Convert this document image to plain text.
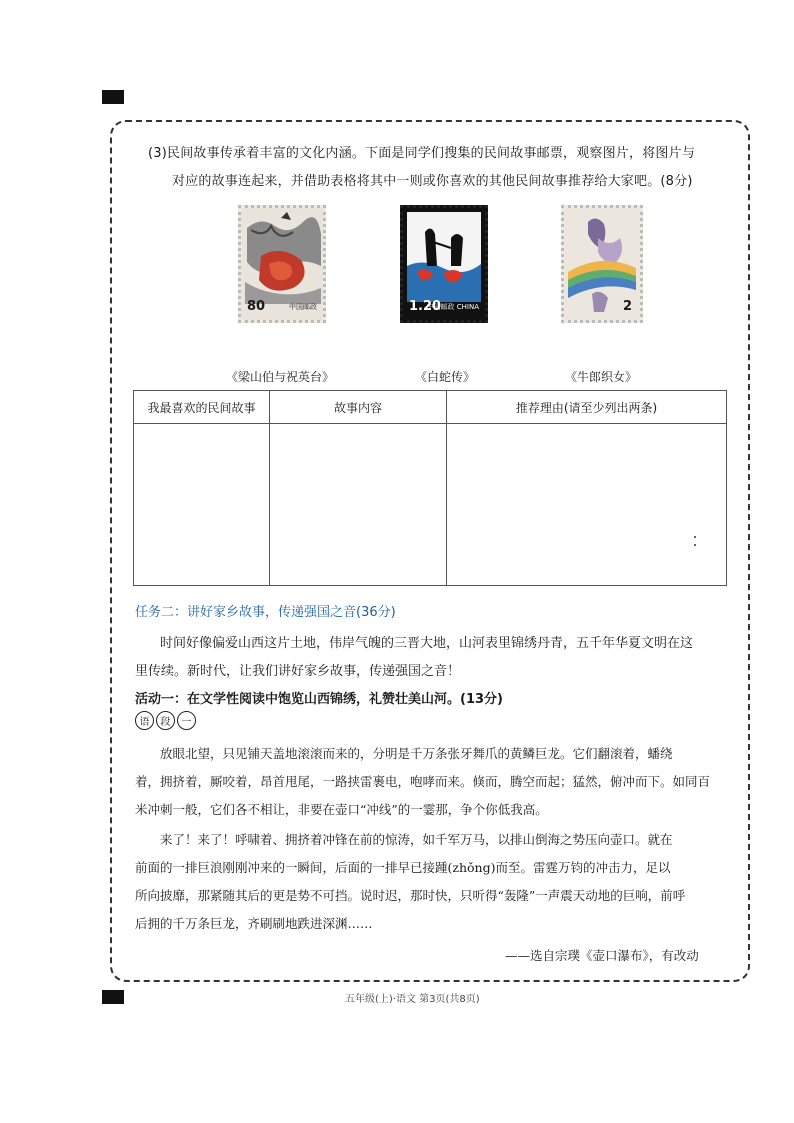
(3)民间故事传承着丰富的文化内涵。下面是同学们搜集的民间故事邮票，观察图片，将图片与
对应的故事连起来，并借助表格将其中一则或你喜欢的其他民间故事推荐给大家吧。(8分)
80	中国邮政	1.20
中国邮政 CHINA	2
《梁山伯与祝英台》	《白蛇传》	《牛郎织女》
我最喜欢的民间故事	故事内容	推荐理由(请至少列出两条)

任务二：讲好家乡故事，传递强国之音(36分)
时间好像偏爱山西这片土地，伟岸气魄的三晋大地，山河表里锦绣丹青，五千年华夏文明在这
里传续。新时代，让我们讲好家乡故事，传递强国之音！
活动一：在文学性阅读中饱览山西锦绣，礼赞壮美山河。(13分)
语	段	一
放眼北望，只见铺天盖地滚滚而来的，分明是千万条张牙舞爪的黄鳞巨龙。它们翻滚着，蟠绕
着，拥挤着，厮咬着，昂首甩尾，一路挟雷裹电，咆哮而来。倏而，腾空而起；猛然，俯冲而下。如同百
米冲刺一般，它们各不相让，非要在壶口“冲线”的一霎那，争个你低我高。
来了！来了！呼啸着、拥挤着冲锋在前的惊涛，如千军万马，以排山倒海之势压向壶口。就在
前面的一排巨浪刚刚冲来的一瞬间，后面的一排早已接踵(zhǒng)而至。雷霆万钧的冲击力，足以
所向披靡，那紧随其后的更是势不可挡。说时迟，那时快，只听得“轰隆”一声震天动地的巨响，前呼
后拥的千万条巨龙，齐刷刷地跌进深渊……
——选自宗璞《壶口瀑布》，有改动
五年级(上)·语文 第3页(共8页)
